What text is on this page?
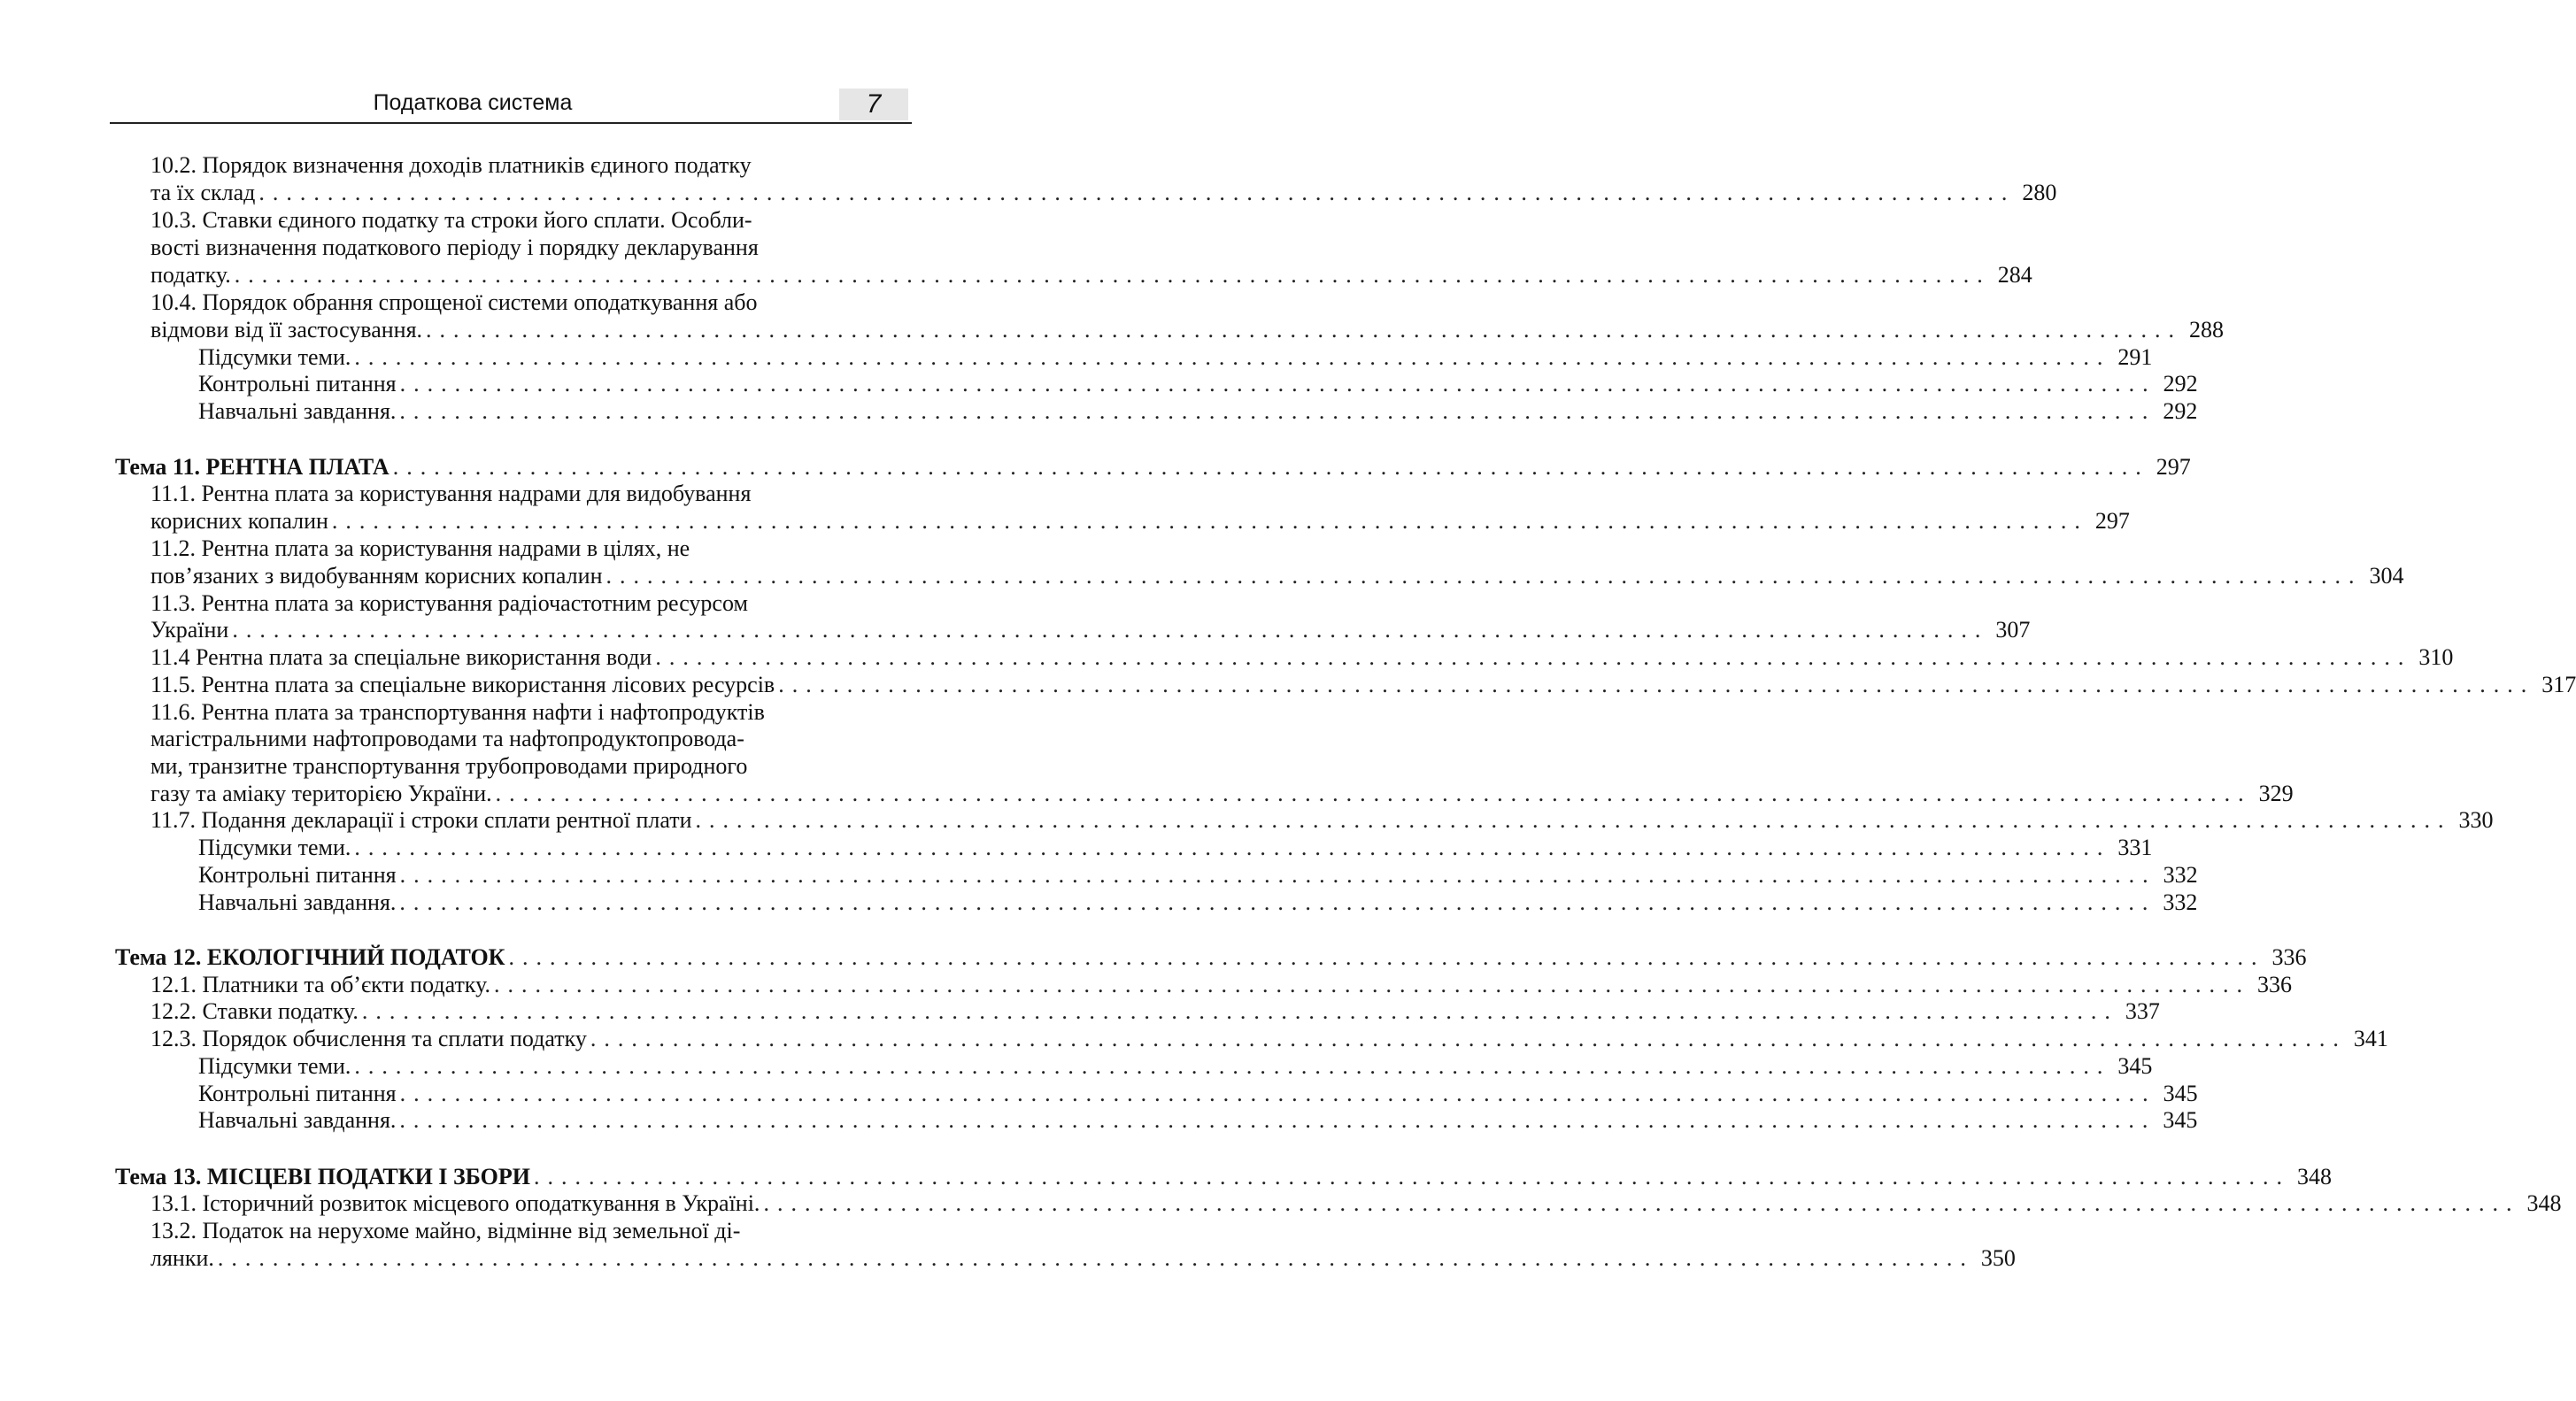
Податкова система	7
10.2. Порядок визначення доходів платників єдиного податку
та їх склад ................................................................................................................................ 280
10.3. Ставки єдиного податку та строки його сплати. Особли-
вості визначення податкового періоду і порядку декларування
податку. ................................................................................................................................ 284
10.4. Порядок обрання спрощеної системи оподаткування або
відмови від її застосування. ................................................................................................................................ 288
Підсумки теми. ................................................................................................................................ 291
Контрольні питання ................................................................................................................................ 292
Навчальні завдання. ................................................................................................................................ 292
Тема 11. РЕНТНА ПЛАТА ................................................................................................................................ 297
11.1. Рентна плата за користування надрами для видобування
корисних копалин ................................................................................................................................ 297
11.2. Рентна плата за користування надрами в цілях, не
пов’язаних з видобуванням корисних копалин ................................................................................................................................ 304
11.3. Рентна плата за користування радіочастотним ресурсом
України ................................................................................................................................ 307
11.4 Рентна плата за спеціальне використання води ................................................................................................................................ 310
11.5. Рентна плата за спеціальне використання лісових ресурсів ................................................................................................................................ 317
11.6. Рентна плата за транспортування нафти і нафтопродуктів
магістральними нафтопроводами та нафтопродуктопровода-
ми, транзитне транспортування трубопроводами природного
газу та аміаку територією України. ................................................................................................................................ 329
11.7. Подання декларації і строки сплати рентної плати ................................................................................................................................ 330
Підсумки теми. ................................................................................................................................ 331
Контрольні питання ................................................................................................................................ 332
Навчальні завдання. ................................................................................................................................ 332
Тема 12. ЕКОЛОГІЧНИЙ ПОДАТОК ................................................................................................................................ 336
12.1. Платники та об’єкти податку. ................................................................................................................................ 336
12.2. Ставки податку. ................................................................................................................................ 337
12.3. Порядок обчислення та сплати податку ................................................................................................................................ 341
Підсумки теми. ................................................................................................................................ 345
Контрольні питання ................................................................................................................................ 345
Навчальні завдання. ................................................................................................................................ 345
Тема 13. МІСЦЕВІ ПОДАТКИ І ЗБОРИ ................................................................................................................................ 348
13.1. Історичний розвиток місцевого оподаткування в Україні. ................................................................................................................................ 348
13.2. Податок на нерухоме майно, відмінне від земельної ді-
лянки. ................................................................................................................................ 350
